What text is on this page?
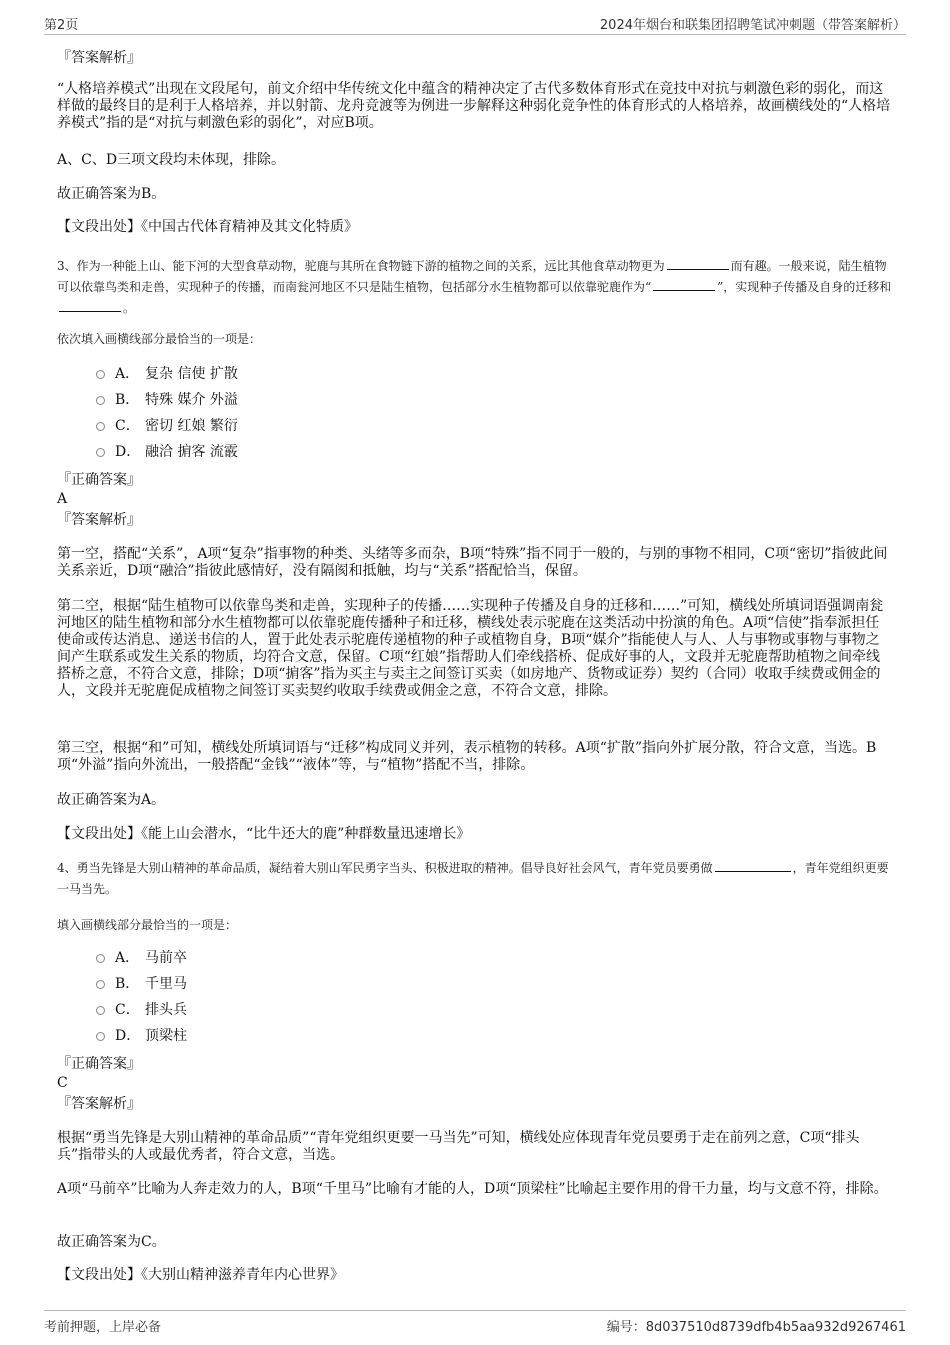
第2页	2024年烟台和联集团招聘笔试冲刺题（带答案解析）
『答案解析』
“人格培养模式”出现在文段尾句，前文介绍中华传统文化中蕴含的精神决定了古代多数体育形式在竞技中对抗与刺激色彩的弱化，而这样做的最终目的是利于人格培养，并以射箭、龙舟竞渡等为例进一步解释这种弱化竞争性的体育形式的人格培养，故画横线处的“人格培养模式”指的是“对抗与刺激色彩的弱化”，对应B项。
A、C、D三项文段均未体现，排除。
故正确答案为B。
【文段出处】《中国古代体育精神及其文化特质》
3、作为一种能上山、能下河的大型食草动物，驼鹿与其所在食物链下游的植物之间的关系，远比其他食草动物更为	而有趣。一般来说，陆生植物可以依靠鸟类和走兽，实现种子的传播，而南瓮河地区不只是陆生植物，包括部分水生植物都可以依靠驼鹿作为“	”，实现种子传播及自身的迁移和。
依次填入画横线部分最恰当的一项是：
A． 复杂 信使 扩散
B． 特殊 媒介 外溢
C． 密切 红娘 繁衍
D． 融洽 掮客 流霰
『正确答案』
A
『答案解析』
第一空，搭配“关系”，A项“复杂”指事物的种类、头绪等多而杂，B项“特殊”指不同于一般的，与别的事物不相同，C项“密切”指彼此间关系亲近，D项“融洽”指彼此感情好，没有隔阂和抵触，均与“关系”搭配恰当，保留。
第二空，根据“陆生植物可以依靠鸟类和走兽，实现种子的传播……实现种子传播及自身的迁移和……”可知，横线处所填词语强调南瓮河地区的陆生植物和部分水生植物都可以依靠驼鹿传播种子和迁移，横线处表示驼鹿在这类活动中扮演的角色。A项“信使”指奉派担任使命或传达消息、递送书信的人，置于此处表示驼鹿传递植物的种子或植物自身，B项“媒介”指能使人与人、人与事物或事物与事物之间产生联系或发生关系的物质，均符合文意，保留。C项“红娘”指帮助人们牵线搭桥、促成好事的人，文段并无驼鹿帮助植物之间牵线搭桥之意，不符合文意，排除；D项“掮客”指为买主与卖主之间签订买卖（如房地产、货物或证券）契约（合同）收取手续费或佣金的人，文段并无驼鹿促成植物之间签订买卖契约收取手续费或佣金之意，不符合文意，排除。
第三空，根据“和”可知，横线处所填词语与“迁移”构成同义并列，表示植物的转移。A项“扩散”指向外扩展分散，符合文意，当选。B项“外溢”指向外流出，一般搭配“金钱”“液体”等，与“植物”搭配不当，排除。
故正确答案为A。
【文段出处】《能上山会潜水，“比牛还大的鹿”种群数量迅速增长》
4、勇当先锋是大别山精神的革命品质，凝结着大别山军民勇字当头、积极进取的精神。倡导良好社会风气，青年党员要勇做	，青年党组织更要一马当先。
填入画横线部分最恰当的一项是：
A． 马前卒
B． 千里马
C． 排头兵
D． 顶梁柱
『正确答案』
C
『答案解析』
根据“勇当先锋是大别山精神的革命品质”“青年党组织更要一马当先”可知，横线处应体现青年党员要勇于走在前列之意，C项“排头兵”指带头的人或最优秀者，符合文意，当选。
A项“马前卒”比喻为人奔走效力的人，B项“千里马”比喻有才能的人，D项“顶梁柱”比喻起主要作用的骨干力量，均与文意不符，排除。
故正确答案为C。
【文段出处】《大别山精神滋养青年内心世界》
考前押题，上岸必备	编号：8d037510d8739dfb4b5aa932d9267461
